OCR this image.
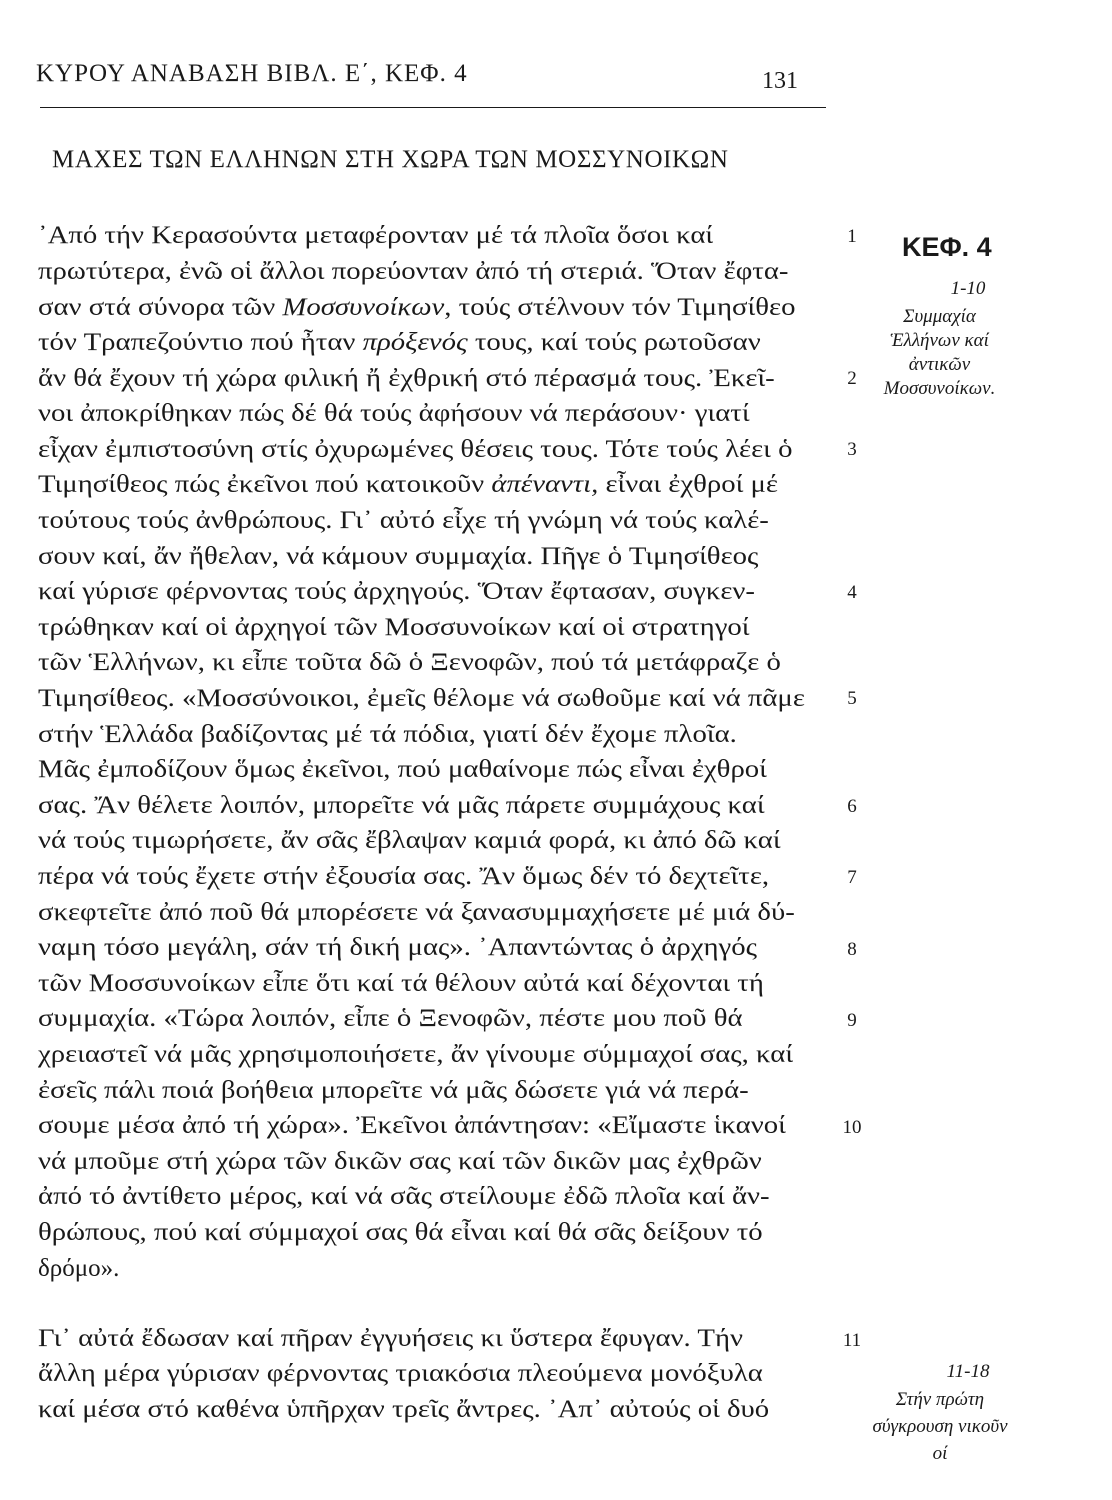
ΚΥΡΟΥ ΑΝΑΒΑΣΗ ΒΙΒΛ. Ε΄, ΚΕΦ. 4	131
ΜΑΧΕΣ ΤΩΝ ΕΛΛΗΝΩΝ ΣΤΗ ΧΩΡΑ ΤΩΝ ΜΟΣΣΥΝΟΙΚΩΝ
ΚΕΦ. 4
1-10
Συμμαχία Ἑλλήνων καί ἀντικῶν Μοσσυνοίκων.
11-18
Στήν πρώτη σύγκρουση νικοῦν οί
1
2
3
4
5
6
7
8
9
10
11
᾿Από τήν Κερασούντα μεταφέρονταν μέ τά πλοῖα ὅσοι καί
πρωτύτερα, ἐνῶ οἱ ἄλλοι πορεύονταν ἀπό τή στεριά. Ὅταν ἔφτα-
σαν στά σύνορα τῶν Μοσσυνοίκων, τούς στέλνουν τόν Τιμησίθεο
τόν Τραπεζούντιο πού ἦταν πρόξενός τους, καί τούς ρωτοῦσαν
ἄν θά ἔχουν τή χώρα φιλική ἤ ἐχθρική στό πέρασμά τους. Ἐκεῖ-
νοι ἀποκρίθηκαν πώς δέ θά τούς ἀφήσουν νά περάσουν· γιατί
εἶχαν ἐμπιστοσύνη στίς ὀχυρωμένες θέσεις τους. Τότε τούς λέει ὁ
Τιμησίθεος πώς ἐκεῖνοι πού κατοικοῦν ἀπέναντι, εἶναι ἐχθροί μέ
τούτους τούς ἀνθρώπους. Γι᾿ αὐτό εἶχε τή γνώμη νά τούς καλέ-
σουν καί, ἄν ἤθελαν, νά κάμουν συμμαχία. Πῆγε ὁ Τιμησίθεος
καί γύρισε φέρνοντας τούς ἀρχηγούς. Ὅταν ἔφτασαν, συγκεν-
τρώθηκαν καί οἱ ἀρχηγοί τῶν Μοσσυνοίκων καί οἱ στρατηγοί
τῶν Ἑλλήνων, κι εἶπε τοῦτα δῶ ὁ Ξενοφῶν, πού τά μετάφραζε ὁ
Τιμησίθεος. «Μοσσύνοικοι, ἐμεῖς θέλομε νά σωθοῦμε καί νά πᾶμε
στήν Ἑλλάδα βαδίζοντας μέ τά πόδια, γιατί δέν ἔχομε πλοῖα.
Μᾶς ἐμποδίζουν ὅμως ἐκεῖνοι, πού μαθαίνομε πώς εἶναι ἐχθροί
σας. Ἄν θέλετε λοιπόν, μπορεῖτε νά μᾶς πάρετε συμμάχους καί
νά τούς τιμωρήσετε, ἄν σᾶς ἔβλαψαν καμιά φορά, κι ἀπό δῶ καί
πέρα νά τούς ἔχετε στήν ἐξουσία σας. Ἄν ὅμως δέν τό δεχτεῖτε,
σκεφτεῖτε ἀπό ποῦ θά μπορέσετε νά ξανασυμμαχήσετε μέ μιά δύ-
ναμη τόσο μεγάλη, σάν τή δική μας». ᾿Απαντώντας ὁ ἀρχηγός
τῶν Μοσσυνοίκων εἶπε ὅτι καί τά θέλουν αὐτά καί δέχονται τή
συμμαχία. «Τώρα λοιπόν, εἶπε ὁ Ξενοφῶν, πέστε μου ποῦ θά
χρειαστεῖ νά μᾶς χρησιμοποιήσετε, ἄν γίνουμε σύμμαχοί σας, καί
ἐσεῖς πάλι ποιά βοήθεια μπορεῖτε νά μᾶς δώσετε γιά νά περά-
σουμε μέσα ἀπό τή χώρα». Ἐκεῖνοι ἀπάντησαν: «Εἴμαστε ἱκανοί
νά μποῦμε στή χώρα τῶν δικῶν σας καί τῶν δικῶν μας ἐχθρῶν
ἀπό τό ἀντίθετο μέρος, καί νά σᾶς στείλουμε ἐδῶ πλοῖα καί ἄν-
θρώπους, πού καί σύμμαχοί σας θά εἶναι καί θά σᾶς δείξουν τό
δρόμο».
Γι᾿ αὐτά ἔδωσαν καί πῆραν ἐγγυήσεις κι ὕστερα ἔφυγαν. Τήν
ἄλλη μέρα γύρισαν φέρνοντας τριακόσια πλεούμενα μονόξυλα
καί μέσα στό καθένα ὑπῆρχαν τρεῖς ἄντρες. ᾿Απ᾿ αὐτούς οἱ δυό
